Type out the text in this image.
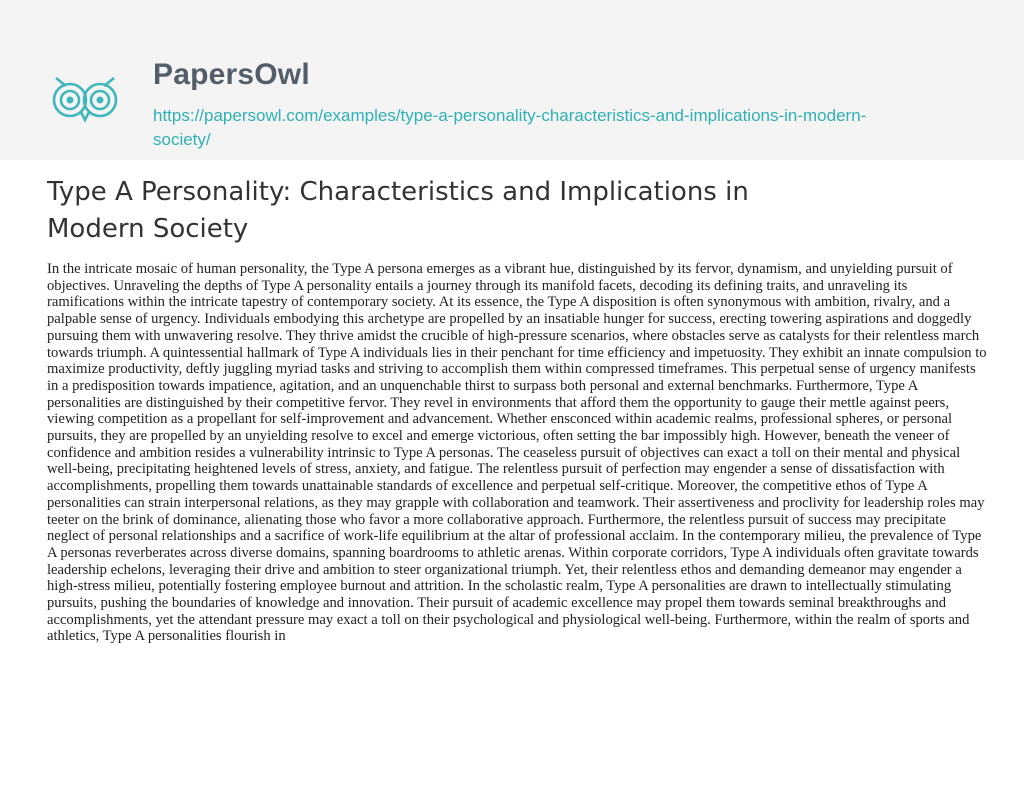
PapersOwl
https://papersowl.com/examples/type-a-personality-characteristics-and-implications-in-modern-society/
Type A Personality: Characteristics and Implications in Modern Society

In the intricate mosaic of human personality, the Type A persona emerges as a vibrant hue, distinguished by its fervor, dynamism, and unyielding pursuit of objectives. Unraveling the depths of Type A personality entails a journey through its manifold facets, decoding its defining traits, and unraveling its ramifications within the intricate tapestry of contemporary society. At its essence, the Type A disposition is often synonymous with ambition, rivalry, and a palpable sense of urgency. Individuals embodying this archetype are propelled by an insatiable hunger for success, erecting towering aspirations and doggedly pursuing them with unwavering resolve. They thrive amidst the crucible of high-pressure scenarios, where obstacles serve as catalysts for their relentless march towards triumph. A quintessential hallmark of Type A individuals lies in their penchant for time efficiency and impetuosity. They exhibit an innate compulsion to maximize productivity, deftly juggling myriad tasks and striving to accomplish them within compressed timeframes. This perpetual sense of urgency manifests in a predisposition towards impatience, agitation, and an unquenchable thirst to surpass both personal and external benchmarks. Furthermore, Type A personalities are distinguished by their competitive fervor. They revel in environments that afford them the opportunity to gauge their mettle against peers, viewing competition as a propellant for self-improvement and advancement. Whether ensconced within academic realms, professional spheres, or personal pursuits, they are propelled by an unyielding resolve to excel and emerge victorious, often setting the bar impossibly high. However, beneath the veneer of confidence and ambition resides a vulnerability intrinsic to Type A personas. The ceaseless pursuit of objectives can exact a toll on their mental and physical well-being, precipitating heightened levels of stress, anxiety, and fatigue. The relentless pursuit of perfection may engender a sense of dissatisfaction with accomplishments, propelling them towards unattainable standards of excellence and perpetual self-critique. Moreover, the competitive ethos of Type A personalities can strain interpersonal relations, as they may grapple with collaboration and teamwork. Their assertiveness and proclivity for leadership roles may teeter on the brink of dominance, alienating those who favor a more collaborative approach. Furthermore, the relentless pursuit of success may precipitate neglect of personal relationships and a sacrifice of work-life equilibrium at the altar of professional acclaim. In the contemporary milieu, the prevalence of Type A personas reverberates across diverse domains, spanning boardrooms to athletic arenas. Within corporate corridors, Type A individuals often gravitate towards leadership echelons, leveraging their drive and ambition to steer organizational triumph. Yet, their relentless ethos and demanding demeanor may engender a high-stress milieu, potentially fostering employee burnout and attrition. In the scholastic realm, Type A personalities are drawn to intellectually stimulating pursuits, pushing the boundaries of knowledge and innovation. Their pursuit of academic excellence may propel them towards seminal breakthroughs and accomplishments, yet the attendant pressure may exact a toll on their psychological and physiological well-being. Furthermore, within the realm of sports and athletics, Type A personalities flourish in
